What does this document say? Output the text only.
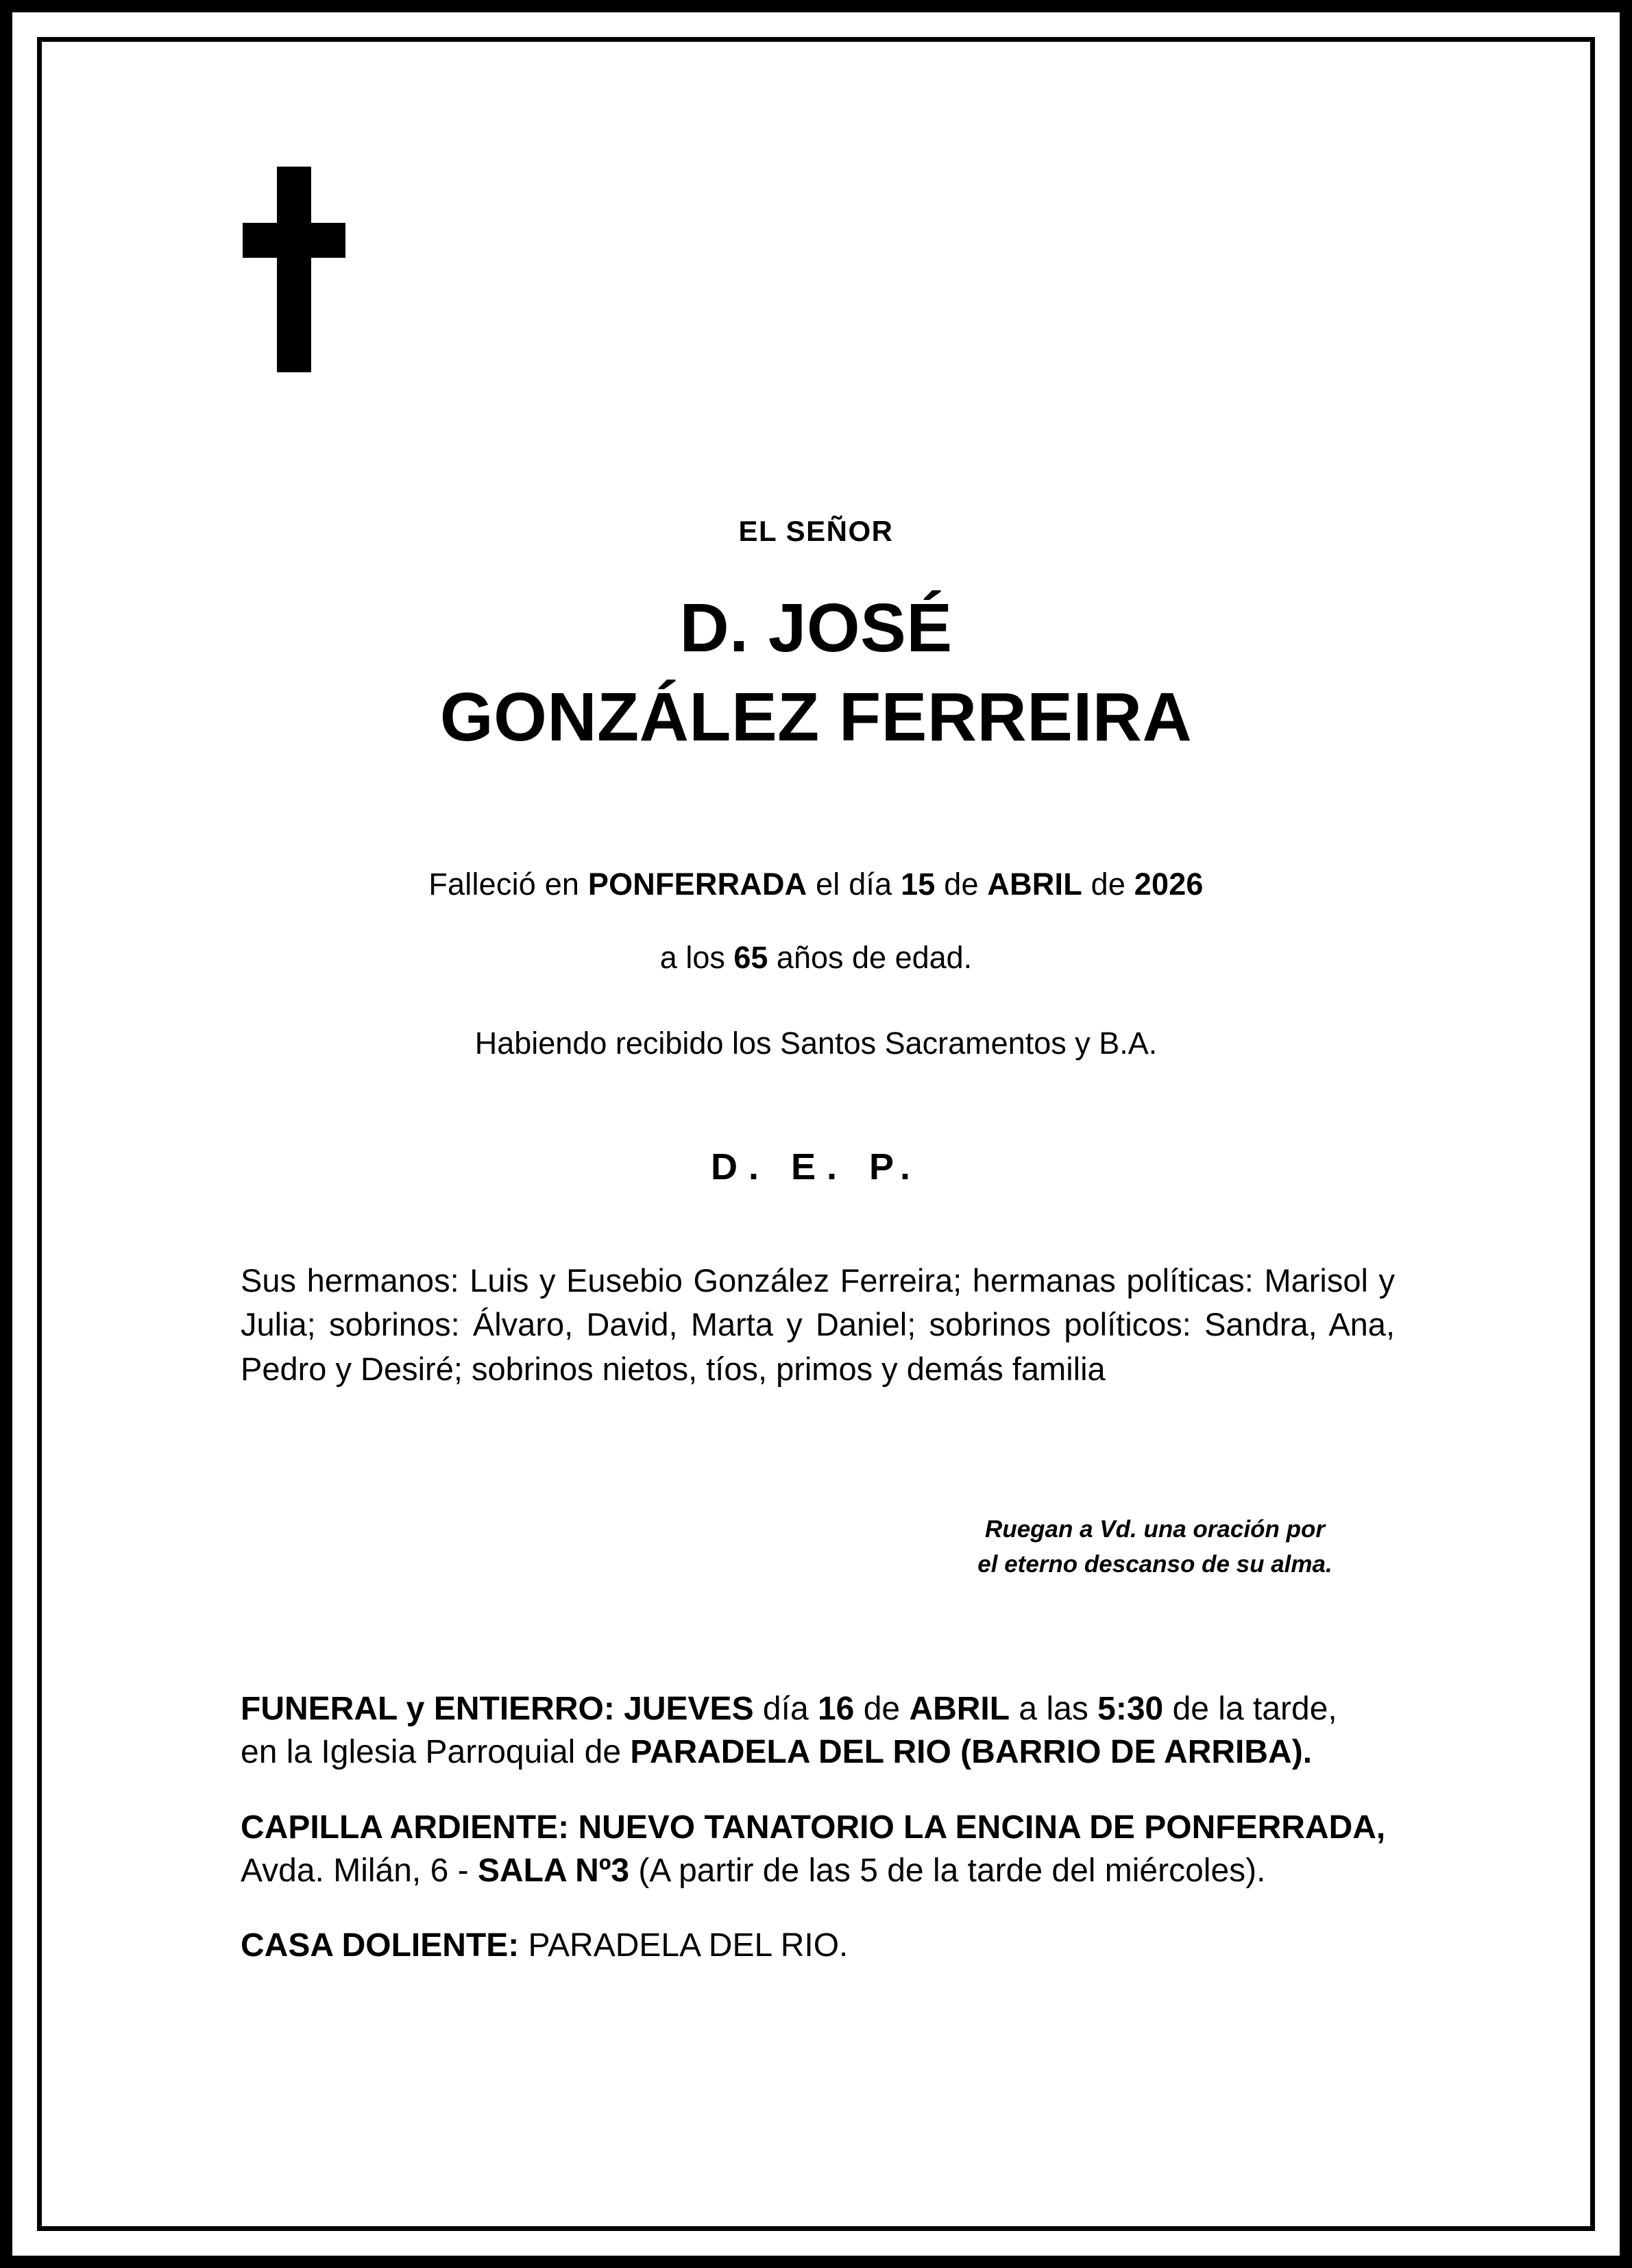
EL SEÑOR
D. JOSÉ
GONZÁLEZ FERREIRA
Falleció en PONFERRADA el día 15 de ABRIL de 2026
a los 65 años de edad.
Habiendo recibido los Santos Sacramentos y B.A.
D. E. P.
Sus hermanos: Luis y Eusebio González Ferreira; hermanas políticas: Marisol y Julia; sobrinos: Álvaro, David, Marta y Daniel; sobrinos políticos: Sandra, Ana, Pedro y Desiré; sobrinos nietos, tíos, primos y demás familia
Ruegan a Vd. una oración por
el eterno descanso de su alma.
FUNERAL y ENTIERRO: JUEVES día 16 de ABRIL a las 5:30 de la tarde,
en la Iglesia Parroquial de PARADELA DEL RIO (BARRIO DE ARRIBA).
CAPILLA ARDIENTE: NUEVO TANATORIO LA ENCINA DE PONFERRADA,
Avda. Milán, 6 - SALA Nº3 (A partir de las 5 de la tarde del miércoles).
CASA DOLIENTE: PARADELA DEL RIO.
